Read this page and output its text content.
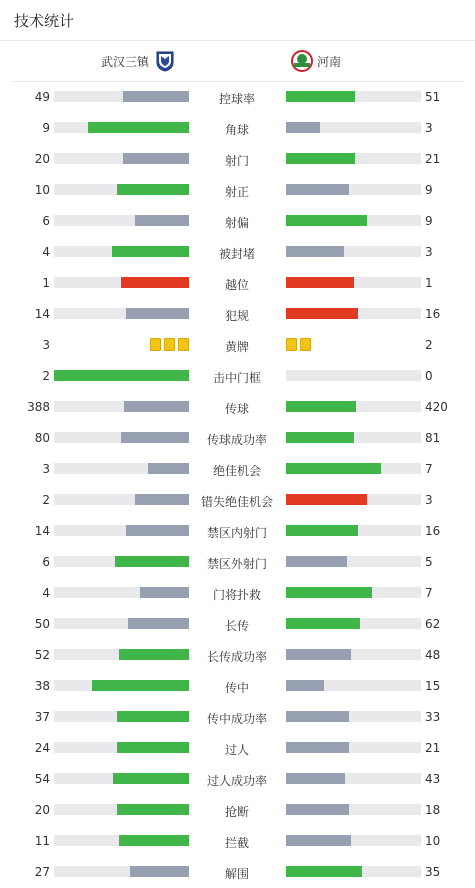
技术统计
武汉三镇	河南
49	控球率	51
9	角球	3
20	射门	21
10	射正	9
6	射偏	9
4	被封堵	3
1	越位	1
14	犯规	16
3	黄牌	2
2	击中门框	0
388	传球	420
80	传球成功率	81
3	绝佳机会	7
2	错失绝佳机会	3
14	禁区内射门	16
6	禁区外射门	5
4	门将扑救	7
50	长传	62
52	长传成功率	48
38	传中	15
37	传中成功率	33
24	过人	21
54	过人成功率	43
20	抢断	18
11	拦截	10
27	解围	35
